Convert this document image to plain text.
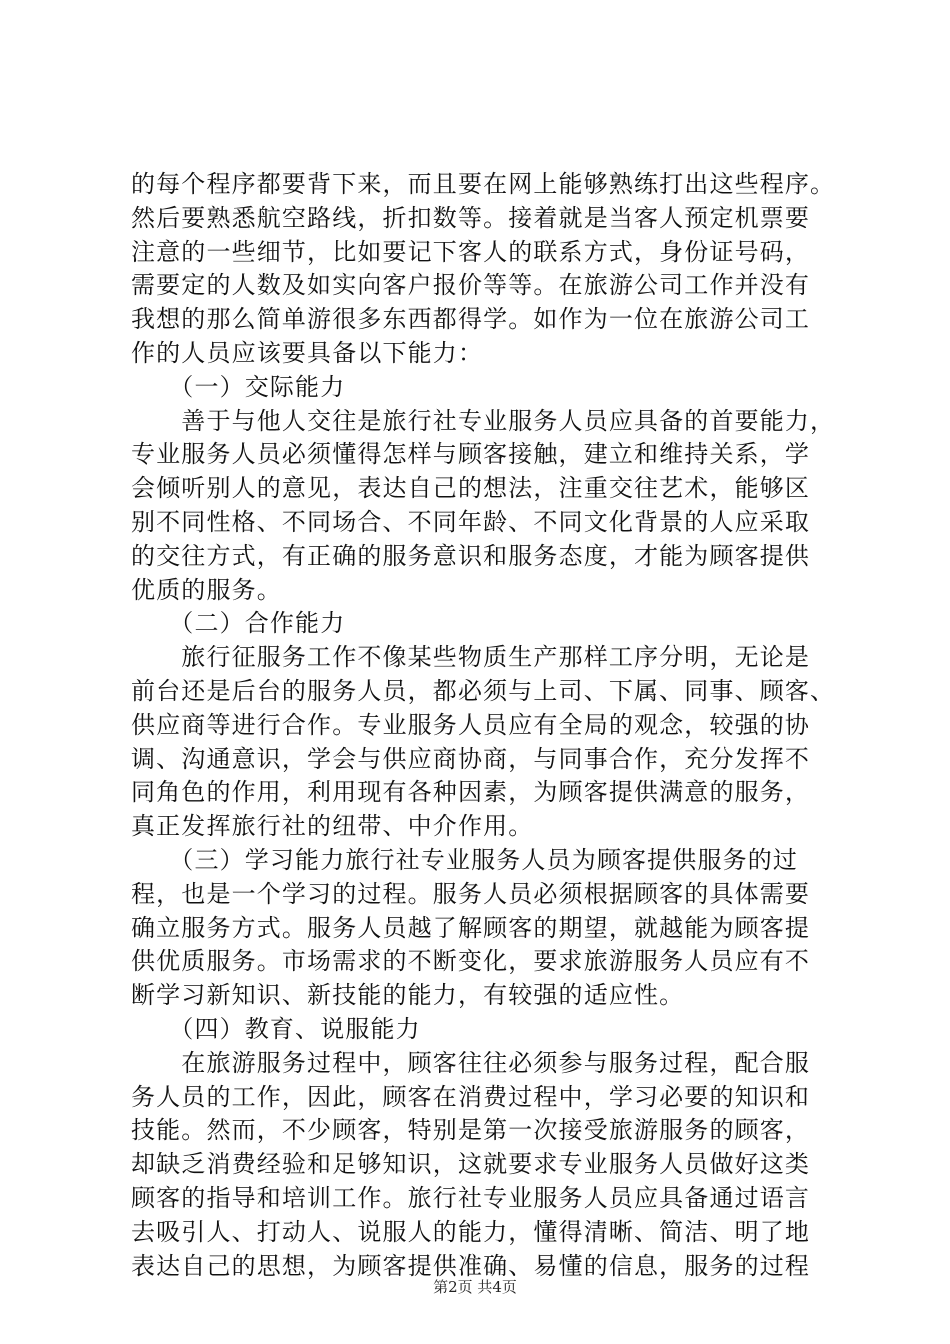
的每个程序都要背下来，而且要在网上能够熟练打出这些程序。
然后要熟悉航空路线，折扣数等。接着就是当客人预定机票要
注意的一些细节，比如要记下客人的联系方式，身份证号码，
需要定的人数及如实向客户报价等等。在旅游公司工作并没有
我想的那么简单游很多东西都得学。如作为一位在旅游公司工
作的人员应该要具备以下能力：
　　（一）交际能力
　　善于与他人交往是旅行社专业服务人员应具备的首要能力，
专业服务人员必须懂得怎样与顾客接触，建立和维持关系，学
会倾听别人的意见，表达自己的想法，注重交往艺术，能够区
别不同性格、不同场合、不同年龄、不同文化背景的人应采取
的交往方式，有正确的服务意识和服务态度，才能为顾客提供
优质的服务。
　　（二）合作能力
　　旅行征服务工作不像某些物质生产那样工序分明，无论是
前台还是后台的服务人员，都必须与上司、下属、同事、顾客、
供应商等进行合作。专业服务人员应有全局的观念，较强的协
调、沟通意识，学会与供应商协商，与同事合作，充分发挥不
同角色的作用，利用现有各种因素，为顾客提供满意的服务，
真正发挥旅行社的纽带、中介作用。
　　（三）学习能力旅行社专业服务人员为顾客提供服务的过
程，也是一个学习的过程。服务人员必须根据顾客的具体需要
确立服务方式。服务人员越了解顾客的期望，就越能为顾客提
供优质服务。市场需求的不断变化，要求旅游服务人员应有不
断学习新知识、新技能的能力，有较强的适应性。
　　（四）教育、说服能力
　　在旅游服务过程中，顾客往往必须参与服务过程，配合服
务人员的工作，因此，顾客在消费过程中，学习必要的知识和
技能。然而，不少顾客，特别是第一次接受旅游服务的顾客，
却缺乏消费经验和足够知识，这就要求专业服务人员做好这类
顾客的指导和培训工作。旅行社专业服务人员应具备通过语言
去吸引人、打动人、说服人的能力，懂得清晰、简洁、明了地
表达自己的思想，为顾客提供准确、易懂的信息，服务的过程
第2页 共4页
